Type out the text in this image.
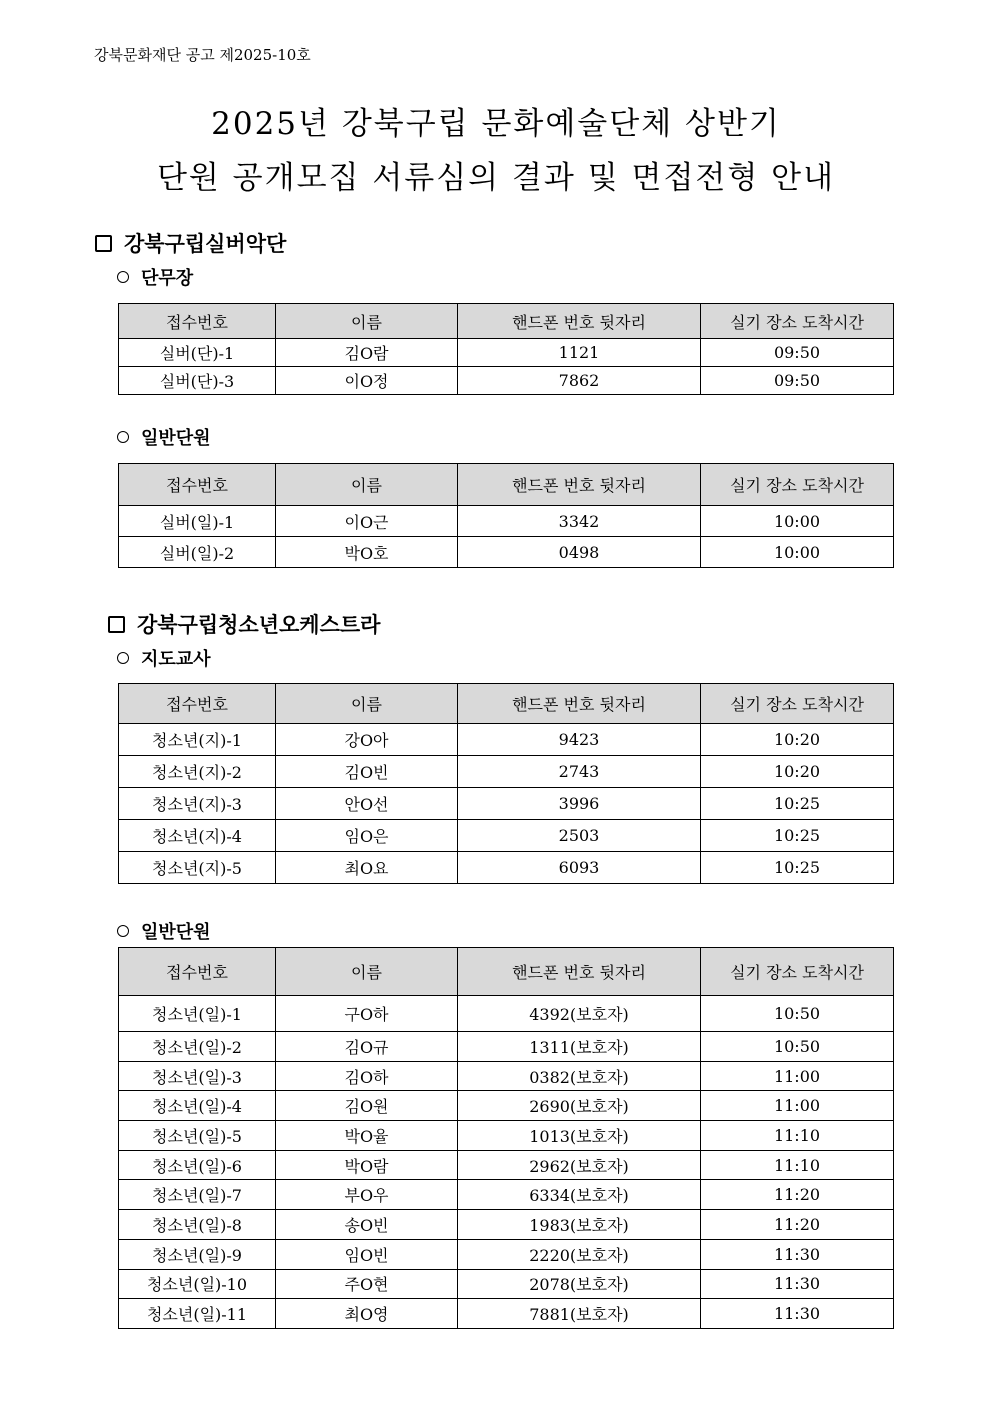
강북문화재단 공고 제2025-10호
2025년 강북구립 문화예술단체 상반기
단원 공개모집 서류심의 결과 및 면접전형 안내
강북구립실버악단
단무장
접수번호	이름	핸드폰 번호 뒷자리	실기 장소 도착시간
실버(단)-1	김O람	1121	09:50
실버(단)-3	이O정	7862	09:50
일반단원
접수번호	이름	핸드폰 번호 뒷자리	실기 장소 도착시간
실버(일)-1	이O근	3342	10:00
실버(일)-2	박O호	0498	10:00
강북구립청소년오케스트라
지도교사
접수번호	이름	핸드폰 번호 뒷자리	실기 장소 도착시간
청소년(지)-1	강O아	9423	10:20
청소년(지)-2	김O빈	2743	10:20
청소년(지)-3	안O선	3996	10:25
청소년(지)-4	임O은	2503	10:25
청소년(지)-5	최O요	6093	10:25
일반단원
접수번호	이름	핸드폰 번호 뒷자리	실기 장소 도착시간
청소년(일)-1	구O하	4392(보호자)	10:50
청소년(일)-2	김O규	1311(보호자)	10:50
청소년(일)-3	김O하	0382(보호자)	11:00
청소년(일)-4	김O원	2690(보호자)	11:00
청소년(일)-5	박O율	1013(보호자)	11:10
청소년(일)-6	박O람	2962(보호자)	11:10
청소년(일)-7	부O우	6334(보호자)	11:20
청소년(일)-8	송O빈	1983(보호자)	11:20
청소년(일)-9	임O빈	2220(보호자)	11:30
청소년(일)-10	주O현	2078(보호자)	11:30
청소년(일)-11	최O영	7881(보호자)	11:30
